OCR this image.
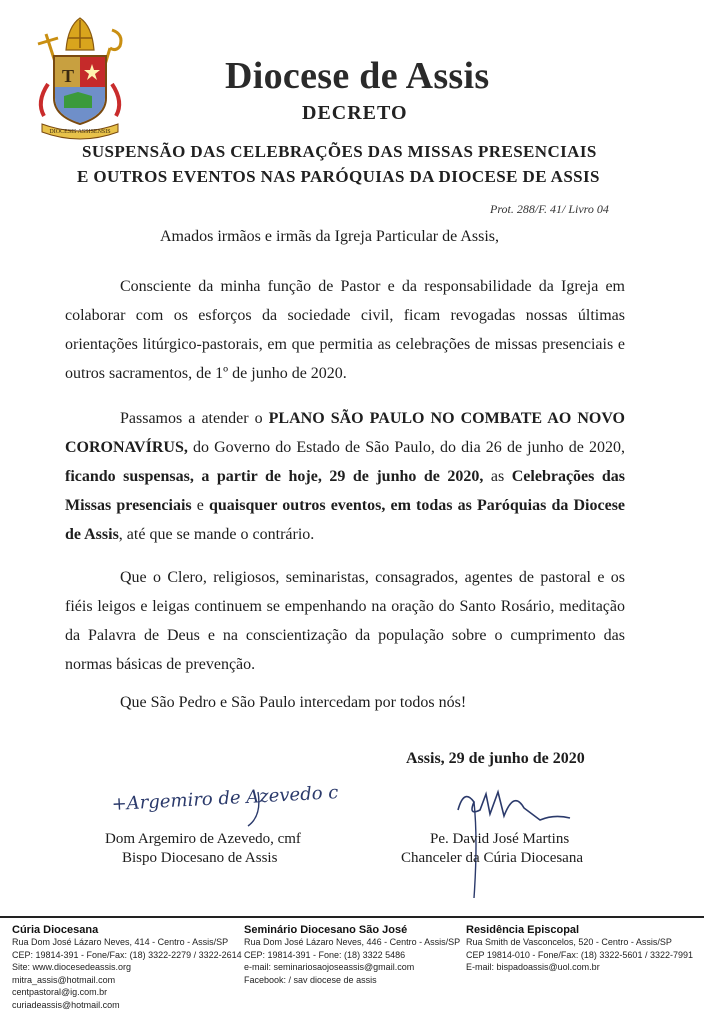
T
DIOCESIS ASSISENSIS
Diocese de Assis
DECRETO
SUSPENSÃO DAS CELEBRAÇÕES DAS MISSAS PRESENCIAIS
E OUTROS EVENTOS NAS PARÓQUIAS DA DIOCESE DE ASSIS
Prot. 288/F. 41/ Livro 04
Amados irmãos e irmãs da Igreja Particular de Assis,
Consciente da minha função de Pastor e da responsabilidade da Igreja em colaborar com os esforços da sociedade civil, ficam revogadas nossas últimas orientações litúrgico-pastorais, em que permitia as celebrações de missas presenciais e outros sacramentos, de 1º de junho de 2020.
Passamos a atender o PLANO SÃO PAULO NO COMBATE AO NOVO CORONAVÍRUS, do Governo do Estado de São Paulo, do dia 26 de junho de 2020, ficando suspensas, a partir de hoje, 29 de junho de 2020, as Celebrações das Missas presenciais e quaisquer outros eventos, em todas as Paróquias da Diocese de Assis, até que se mande o contrário.
Que o Clero, religiosos, seminaristas, consagrados, agentes de pastoral e os fiéis leigos e leigas continuem se empenhando na oração do Santo Rosário, meditação da Palavra de Deus e na conscientização da população sobre o cumprimento das normas básicas de prevenção.
Que São Pedro e São Paulo intercedam por todos nós!
Assis, 29 de junho de 2020
+Argemiro de Azevedo cmf
Dom Argemiro de Azevedo, cmf
Bispo Diocesano de Assis
Pe. David José Martins
Chanceler da Cúria Diocesana
Cúria Diocesana
Rua Dom José Lázaro Neves, 414 - Centro - Assis/SP
CEP: 19814-391 - Fone/Fax: (18) 3322-2279 / 3322-2614
Site: www.diocesedeassis.org
mitra_assis@hotmail.com
centpastoral@ig.com.br
curiadeassis@hotmail.com
Seminário Diocesano São José
Rua Dom José Lázaro Neves, 446 - Centro - Assis/SP
CEP: 19814-391 - Fone: (18) 3322 5486
e-mail: seminariosaojoseassis@gmail.com
Facebook: / sav diocese de assis
Residência Episcopal
Rua Smith de Vasconcelos, 520 - Centro - Assis/SP
CEP 19814-010 - Fone/Fax: (18) 3322-5601 / 3322-7991
E-mail: bispadoassis@uol.com.br
